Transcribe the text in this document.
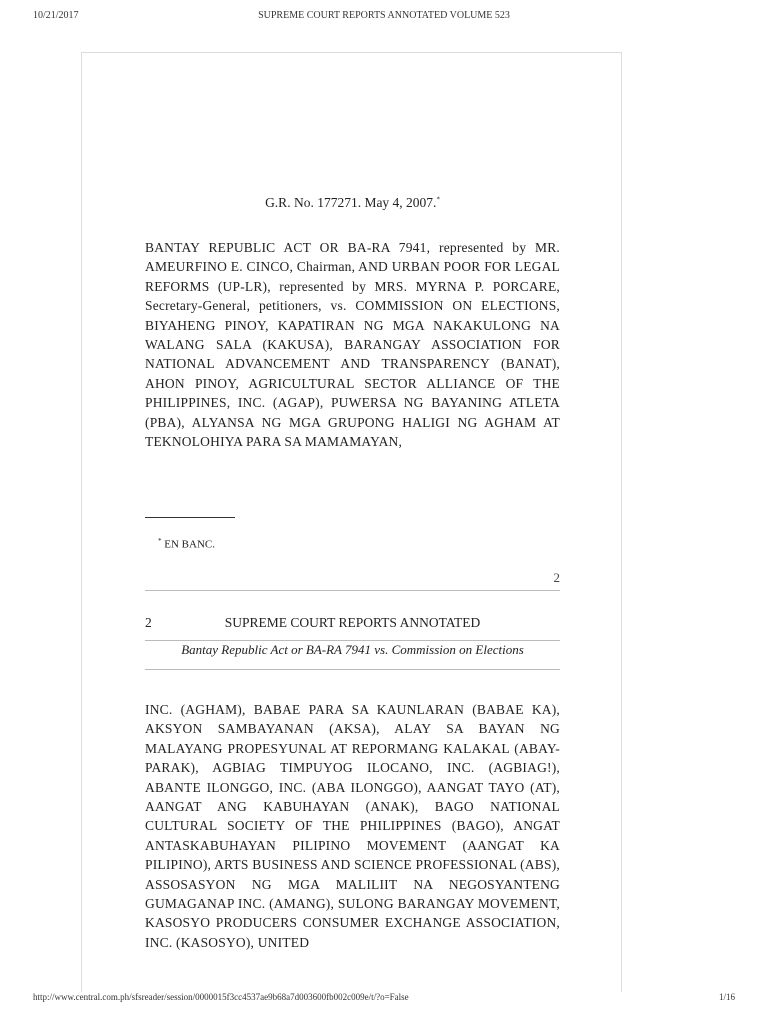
10/21/2017	SUPREME COURT REPORTS ANNOTATED VOLUME 523
G.R. No. 177271. May 4, 2007.*
BANTAY REPUBLIC ACT OR BA-RA 7941, represented by MR. AMEURFINO E. CINCO, Chairman, AND URBAN POOR FOR LEGAL REFORMS (UP-LR), represented by MRS. MYRNA P. PORCARE, Secretary-General, petitioners, vs. COMMISSION ON ELECTIONS, BIYAHENG PINOY, KAPATIRAN NG MGA NAKAKULONG NA WALANG SALA (KAKUSA), BARANGAY ASSOCIATION FOR NATIONAL ADVANCEMENT AND TRANSPARENCY (BANAT), AHON PINOY, AGRICULTURAL SECTOR ALLIANCE OF THE PHILIPPINES, INC. (AGAP), PUWERSA NG BAYANING ATLETA (PBA), ALYANSA NG MGA GRUPONG HALIGI NG AGHAM AT TEKNOLOHIYA PARA SA MAMAMAYAN,
* EN BANC.
2
2	SUPREME COURT REPORTS ANNOTATED
Bantay Republic Act or BA-RA 7941 vs. Commission on Elections
INC. (AGHAM), BABAE PARA SA KAUNLARAN (BABAE KA), AKSYON SAMBAYANAN (AKSA), ALAY SA BAYAN NG MALAYANG PROPESYUNAL AT REPORMANG KALAKAL (ABAY-PARAK), AGBIAG TIMPUYOG ILOCANO, INC. (AGBIAG!), ABANTE ILONGGO, INC. (ABA ILONGGO), AANGAT TAYO (AT), AANGAT ANG KABUHAYAN (ANAK), BAGO NATIONAL CULTURAL SOCIETY OF THE PHILIPPINES (BAGO), ANGAT ANTASKABUHAYAN PILIPINO MOVEMENT (AANGAT KA PILIPINO), ARTS BUSINESS AND SCIENCE PROFESSIONAL (ABS), ASSOSASYON NG MGA MALILIIT NA NEGOSYANTENG GUMAGANAP INC. (AMANG), SULONG BARANGAY MOVEMENT, KASOSYO PRODUCERS CONSUMER EXCHANGE ASSOCIATION, INC. (KASOSYO), UNITED
http://www.central.com.ph/sfsreader/session/0000015f3cc4537ae9b68a7d003600fb002c009e/t/?o=False	1/16
